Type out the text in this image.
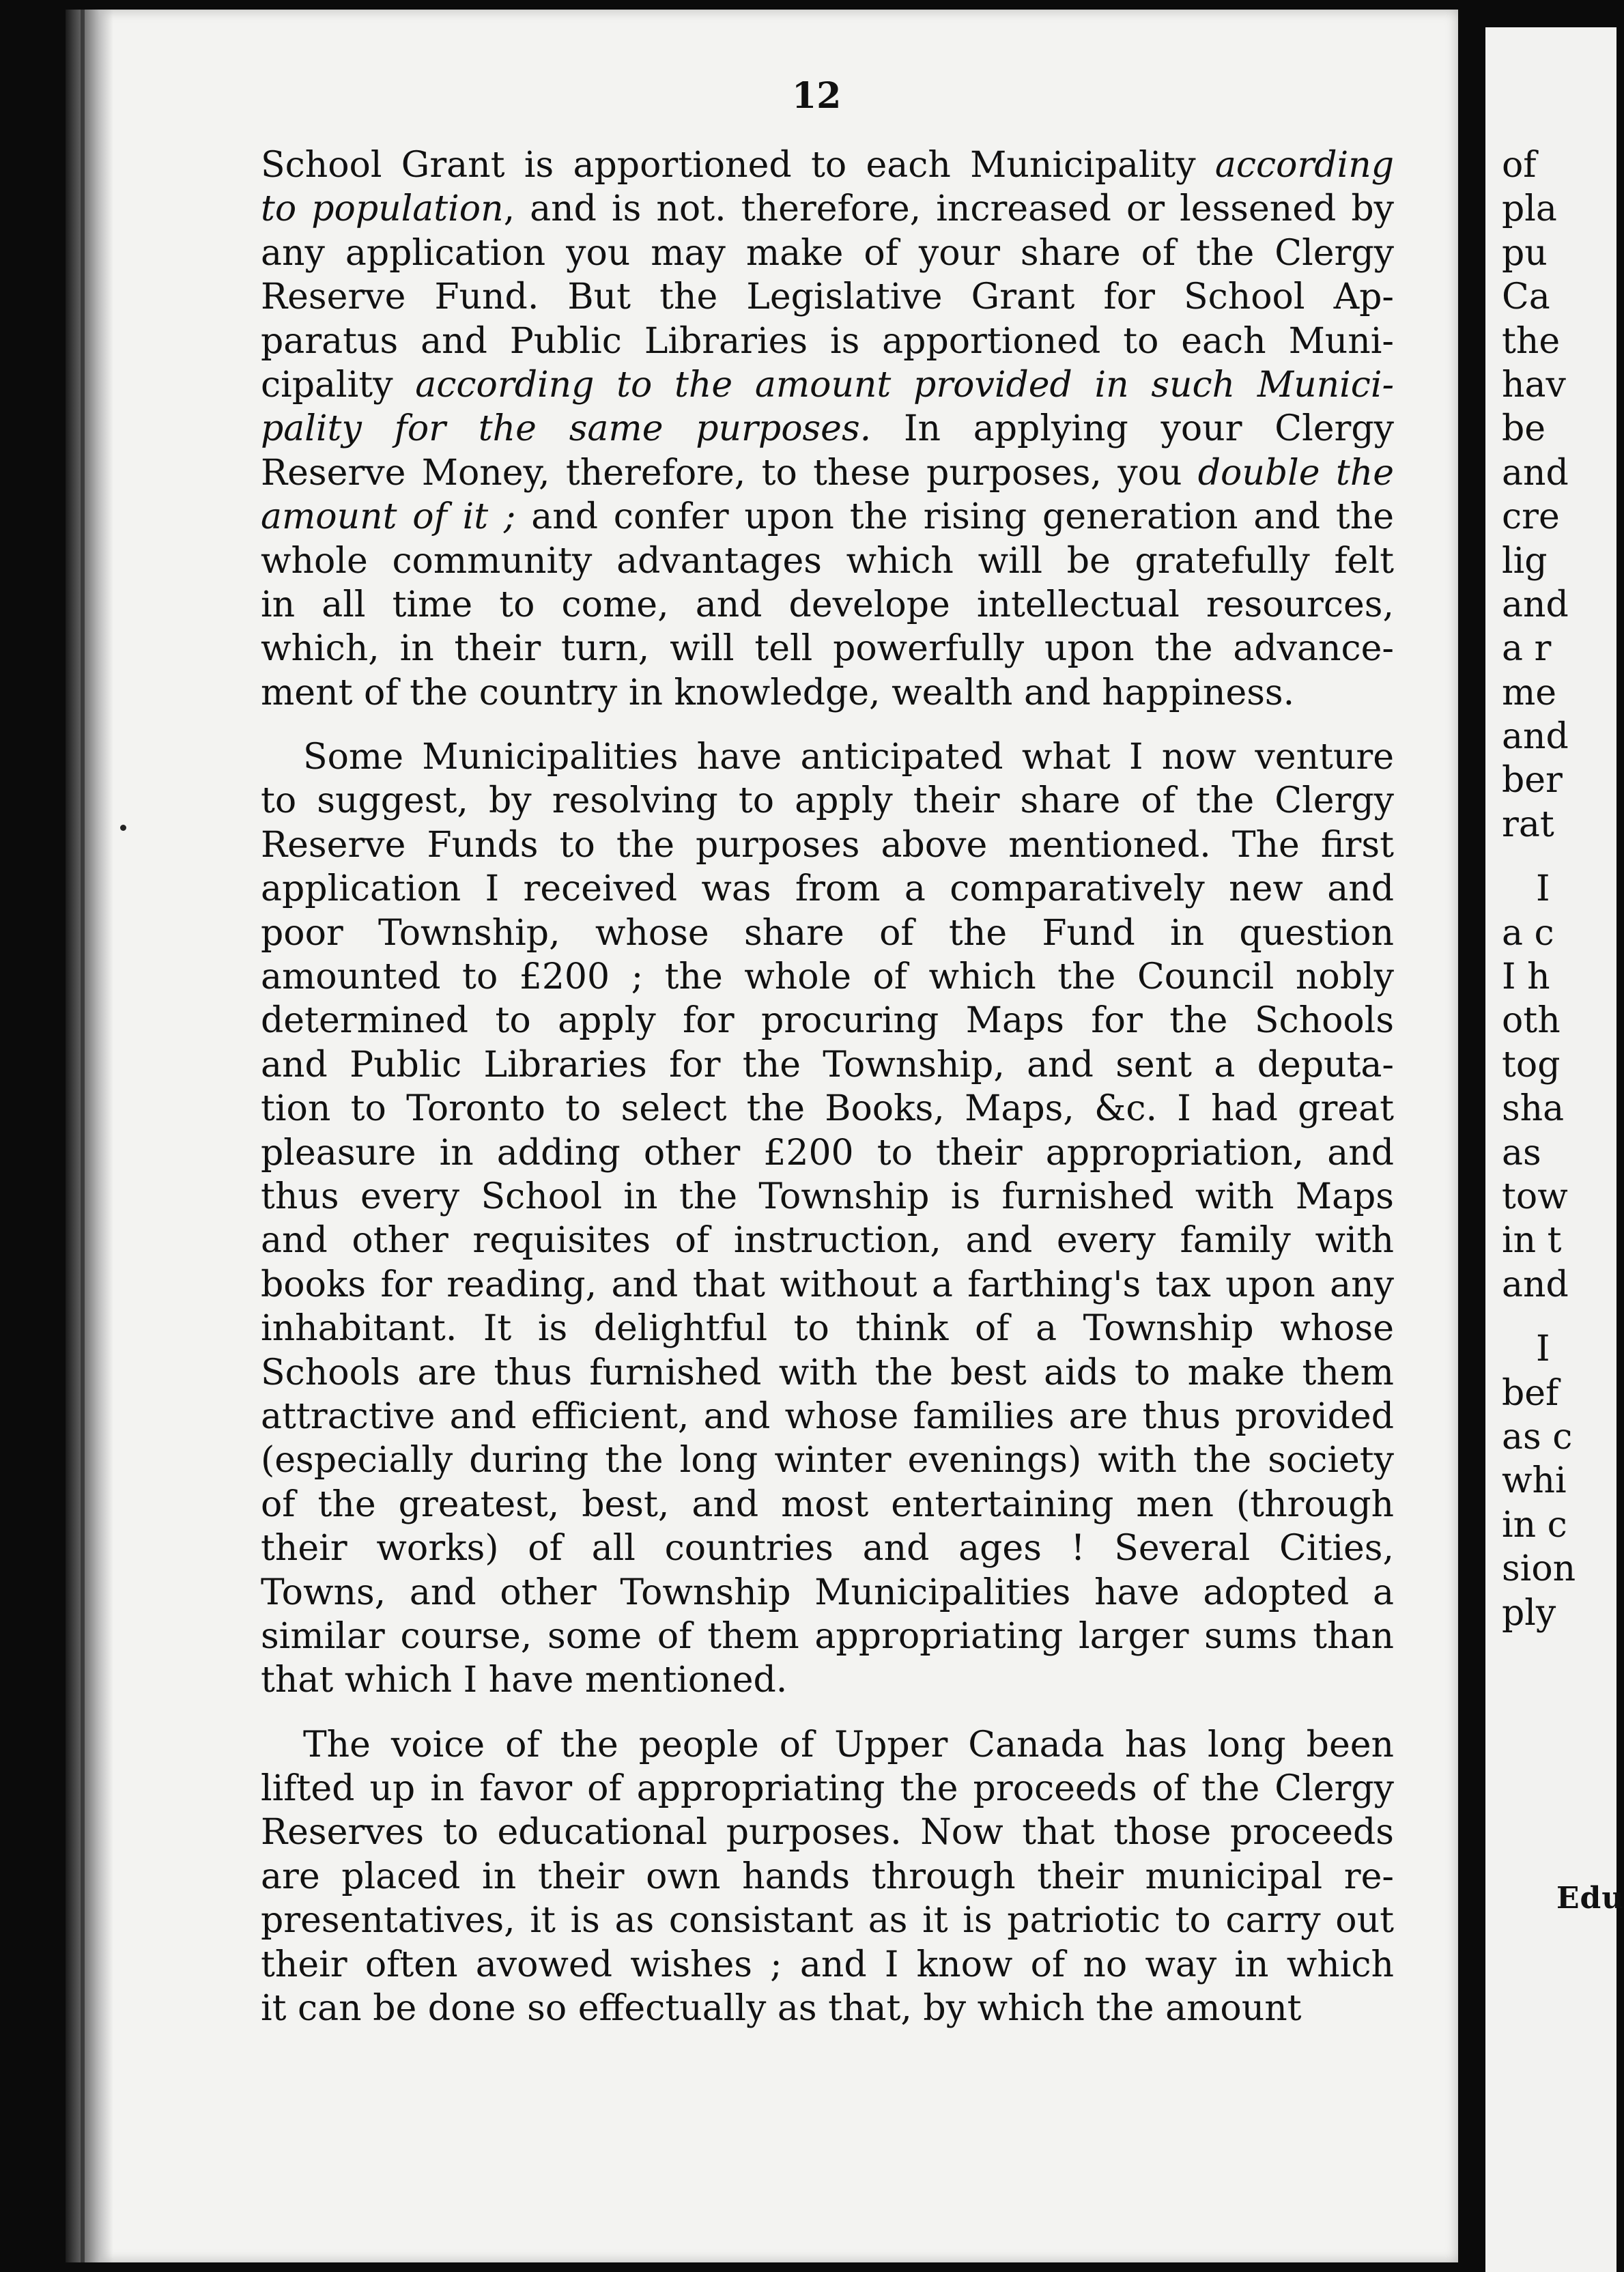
12
School Grant is apportioned to each Municipality according
to population, and is not. therefore, increased or lessened by
any application you may make of your share of the Clergy
Reserve Fund. But the Legislative Grant for School Ap-
paratus and Public Libraries is apportioned to each Muni-
cipality according to the amount provided in such Munici-
pality for the same purposes. In applying your Clergy
Reserve Money, therefore, to these purposes, you double the
amount of it ; and confer upon the rising generation and the
whole community advantages which will be gratefully felt
in all time to come, and develope intellectual resources,
which, in their turn, will tell powerfully upon the advance-
ment of the country in knowledge, wealth and happiness.
Some Municipalities have anticipated what I now venture
to suggest, by resolving to apply their share of the Clergy
Reserve Funds to the purposes above mentioned. The first
application I received was from a comparatively new and
poor Township, whose share of the Fund in question
amounted to £200 ; the whole of which the Council nobly
determined to apply for procuring Maps for the Schools
and Public Libraries for the Township, and sent a deputa-
tion to Toronto to select the Books, Maps, &c. I had great
pleasure in adding other £200 to their appropriation, and
thus every School in the Township is furnished with Maps
and other requisites of instruction, and every family with
books for reading, and that without a farthing's tax upon any
inhabitant. It is delightful to think of a Township whose
Schools are thus furnished with the best aids to make them
attractive and efficient, and whose families are thus provided
(especially during the long winter evenings) with the society
of the greatest, best, and most entertaining men (through
their works) of all countries and ages ! Several Cities,
Towns, and other Township Municipalities have adopted a
similar course, some of them appropriating larger sums than
that which I have mentioned.
The voice of the people of Upper Canada has long been
lifted up in favor of appropriating the proceeds of the Clergy
Reserves to educational purposes. Now that those proceeds
are placed in their own hands through their municipal re-
presentatives, it is as consistant as it is patriotic to carry out
their often avowed wishes ; and I know of no way in which
it can be done so effectually as that, by which the amount
of
pla
pu
Ca
the
hav
be
and
cre
lig
and
a r
me
and
ber
rat
I
a c
I h
oth
tog
sha
as
tow
in t
and
I
bef
as c
whi
in c
sion
ply
Edu
